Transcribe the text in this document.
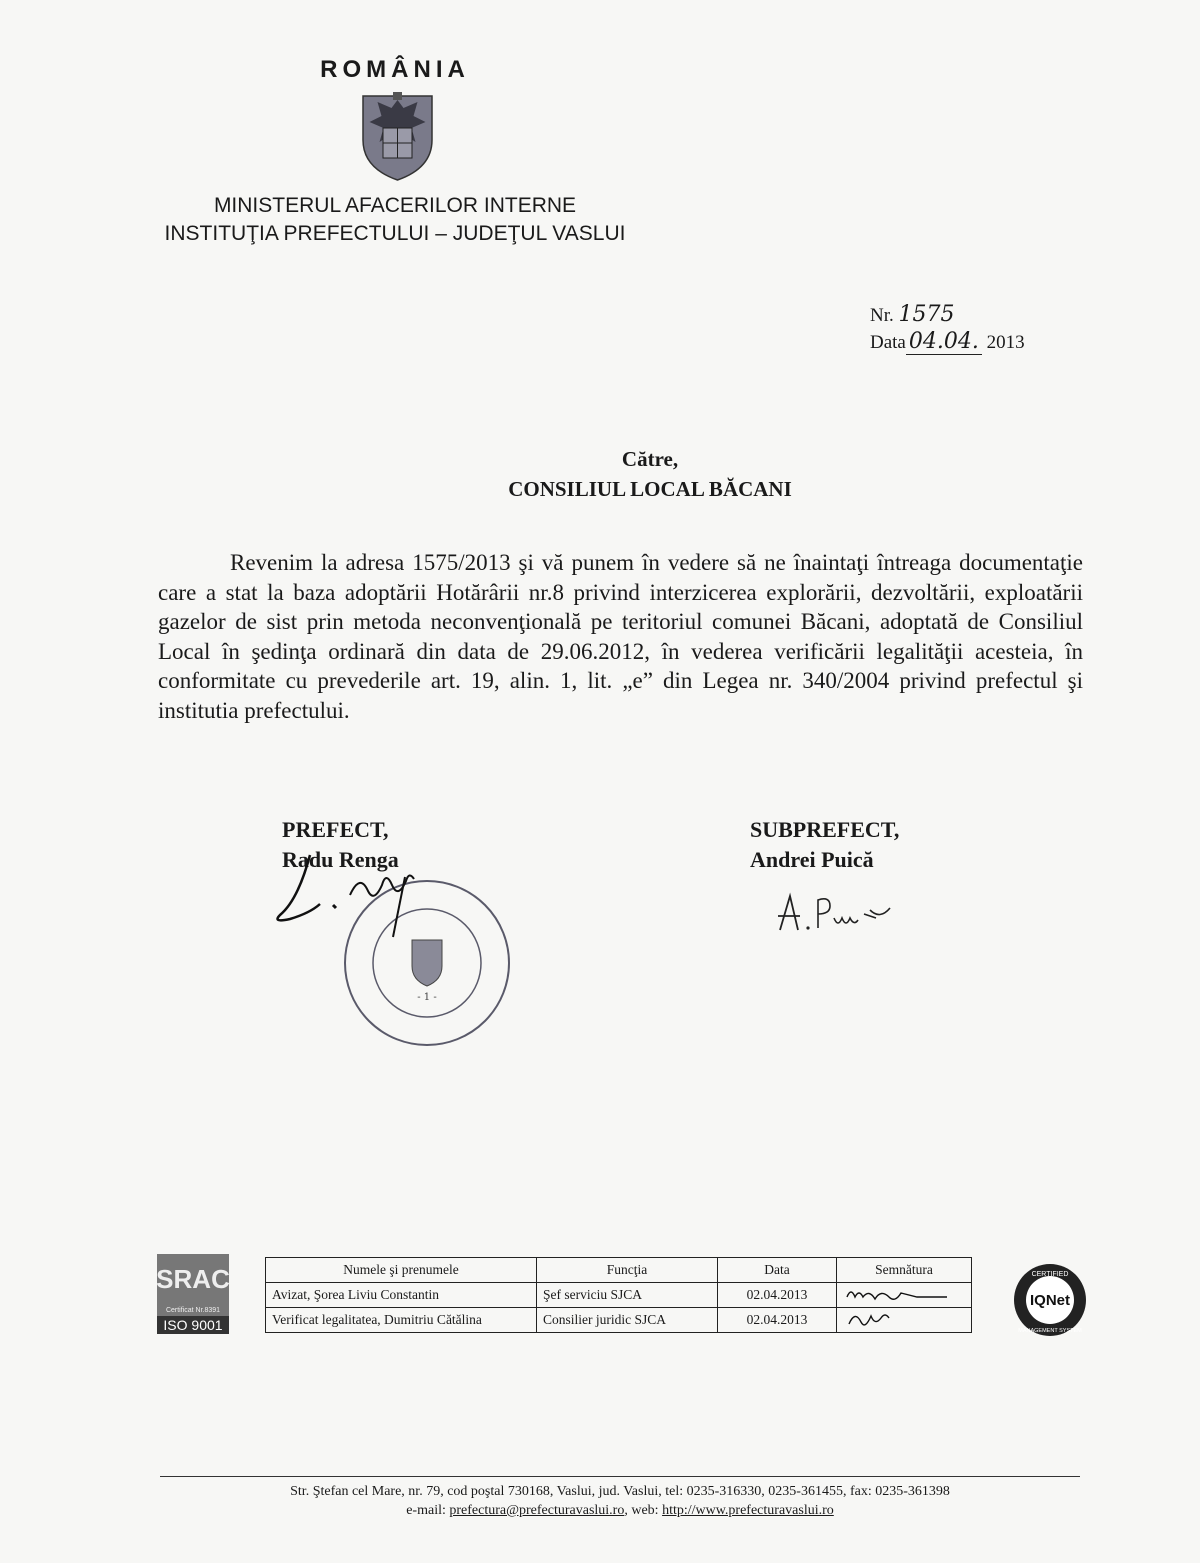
ROMÂNIA
MINISTERUL AFACERILOR INTERNE
INSTITUŢIA PREFECTULUI – JUDEŢUL VASLUI
Nr. 1575
Data 04.04. 2013
Către,
CONSILIUL LOCAL BĂCANI
Revenim la adresa 1575/2013 şi vă punem în vedere să ne înaintaţi întreaga documentaţie care a stat la baza adoptării Hotărârii nr.8 privind interzicerea explorării, dezvoltării, exploatării gazelor de sist prin metoda neconvenţională pe teritoriul comunei Băcani, adoptată de Consiliul Local în şedinţa ordinară din data de 29.06.2012, în vederea verificării legalităţii acesteia, în conformitate cu prevederile art. 19, alin. 1, lit. „e” din Legea nr. 340/2004 privind prefectul şi institutia prefectului.
PREFECT,
Radu Renga
SUBPREFECT,
Andrei Puică
- 1 -
SRAC
Certificat Nr.8391
ISO 9001
Numele şi prenumele	Funcţia	Data	Semnătura
Avizat, Şorea Liviu Constantin	Şef serviciu SJCA	02.04.2013	
Verificat legalitatea, Dumitriu Cătălina	Consilier juridic SJCA	02.04.2013	
CERTIFIED
IQNet
MANAGEMENT SYSTEM
Str. Ştefan cel Mare, nr. 79, cod poştal 730168, Vaslui, jud. Vaslui, tel: 0235-316330, 0235-361455, fax: 0235-361398
e-mail: prefectura@prefecturavaslui.ro, web: http://www.prefecturavaslui.ro
